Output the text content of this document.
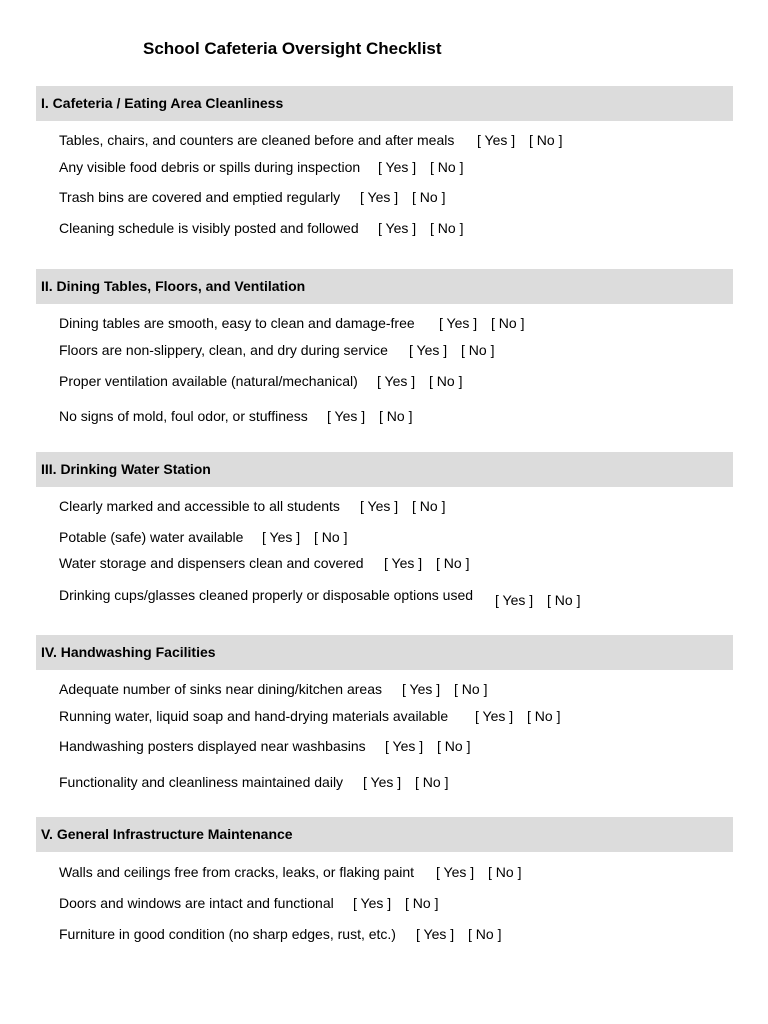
School Cafeteria Oversight Checklist
I. Cafeteria / Eating Area Cleanliness
Tables, chairs, and counters are cleaned before and after meals [ Yes ] [ No ]
Any visible food debris or spills during inspection [ Yes ] [ No ]
Trash bins are covered and emptied regularly [ Yes ] [ No ]
Cleaning schedule is visibly posted and followed [ Yes ] [ No ]
II. Dining Tables, Floors, and Ventilation
Dining tables are smooth, easy to clean and damage-free [ Yes ] [ No ]
Floors are non-slippery, clean, and dry during service [ Yes ] [ No ]
Proper ventilation available (natural/mechanical) [ Yes ] [ No ]
No signs of mold, foul odor, or stuffiness [ Yes ] [ No ]
III. Drinking Water Station
Clearly marked and accessible to all students [ Yes ] [ No ]
Potable (safe) water available [ Yes ] [ No ]
Water storage and dispensers clean and covered [ Yes ] [ No ]
Drinking cups/glasses cleaned properly or disposable options used [ Yes ] [ No ]
IV. Handwashing Facilities
Adequate number of sinks near dining/kitchen areas [ Yes ] [ No ]
Running water, liquid soap and hand-drying materials available [ Yes ] [ No ]
Handwashing posters displayed near washbasins [ Yes ] [ No ]
Functionality and cleanliness maintained daily [ Yes ] [ No ]
V. General Infrastructure Maintenance
Walls and ceilings free from cracks, leaks, or flaking paint [ Yes ] [ No ]
Doors and windows are intact and functional [ Yes ] [ No ]
Furniture in good condition (no sharp edges, rust, etc.) [ Yes ] [ No ]
